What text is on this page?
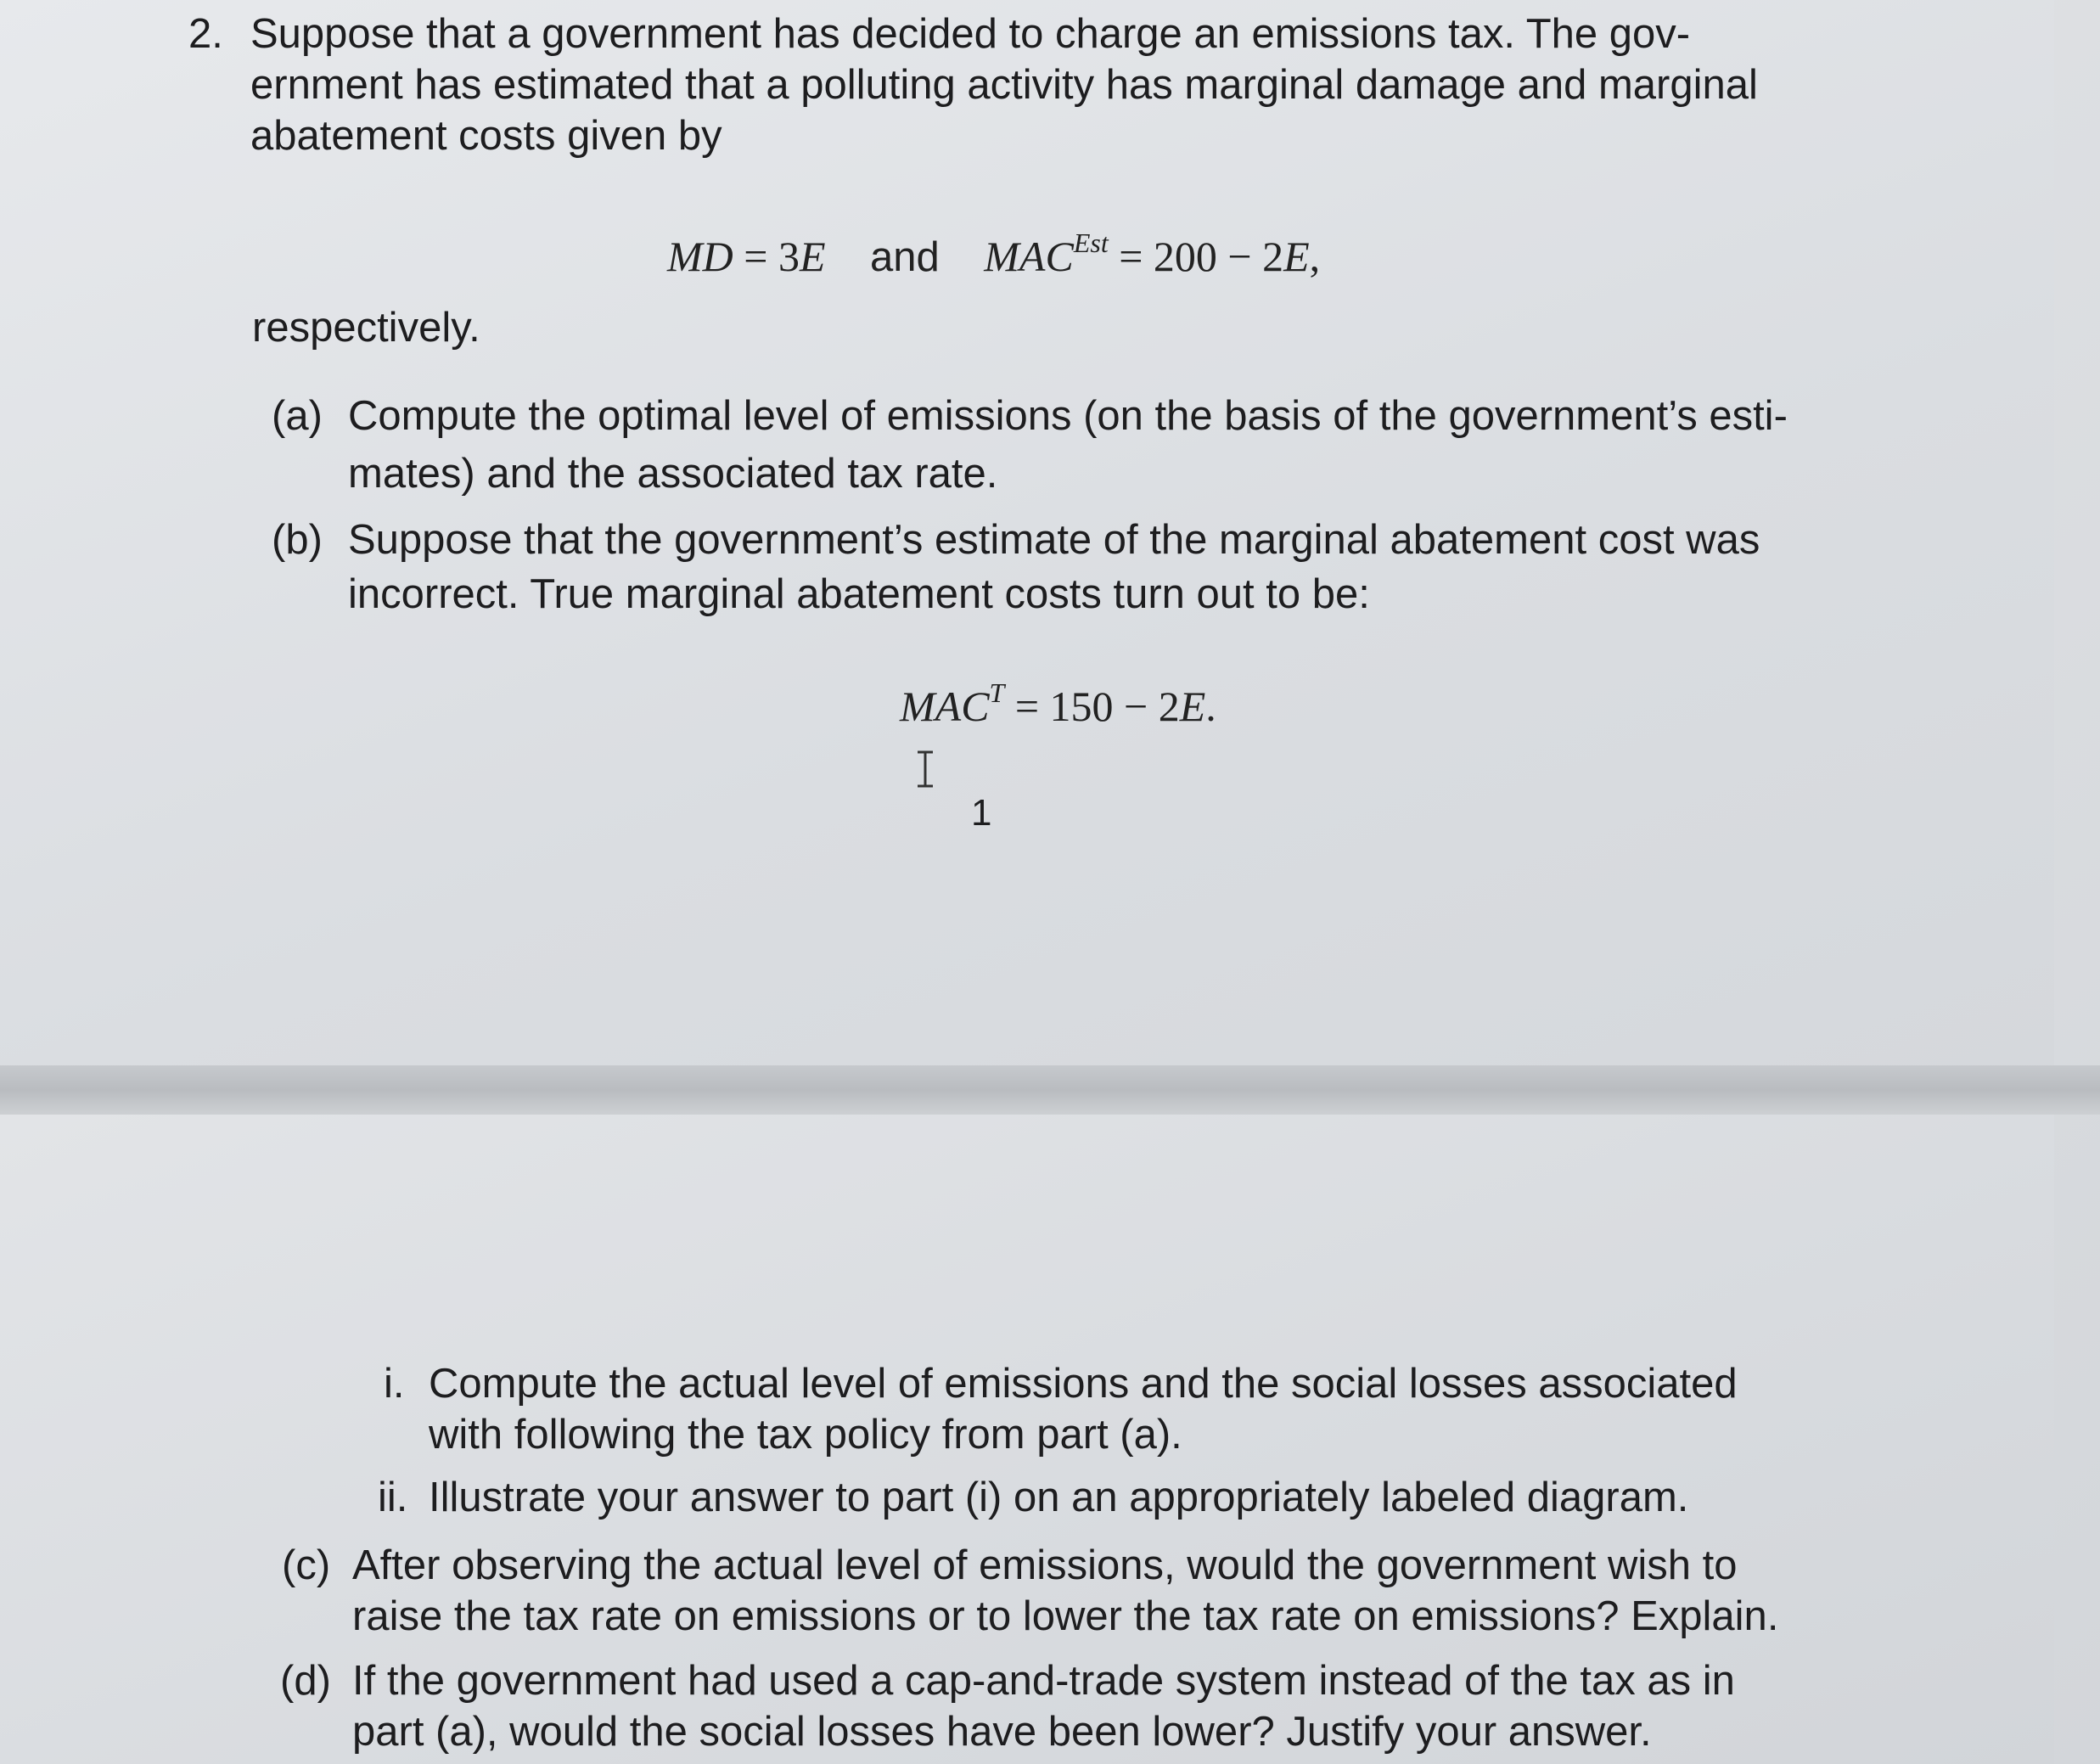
2. Suppose that a government has decided to charge an emissions tax. The gov-
ernment has estimated that a polluting activity has marginal damage and marginal
abatement costs given by
MD = 3E and $MAC^{Est} = 200 - 2E$,
respectively.
(a) Compute the optimal level of emissions (on the basis of the government’s esti-
mates) and the associated tax rate.
(b) Suppose that the government’s estimate of the marginal abatement cost was
incorrect. True marginal abatement costs turn out to be:
$MAC^T = 150 - 2E$.
1
i. Compute the actual level of emissions and the social losses associated
with following the tax policy from part (a).
ii. Illustrate your answer to part (i) on an appropriately labeled diagram.
(c) After observing the actual level of emissions, would the government wish to
raise the tax rate on emissions or to lower the tax rate on emissions? Explain.
(d) If the government had used a cap-and-trade system instead of the tax as in
part (a), would the social losses have been lower? Justify your answer.
